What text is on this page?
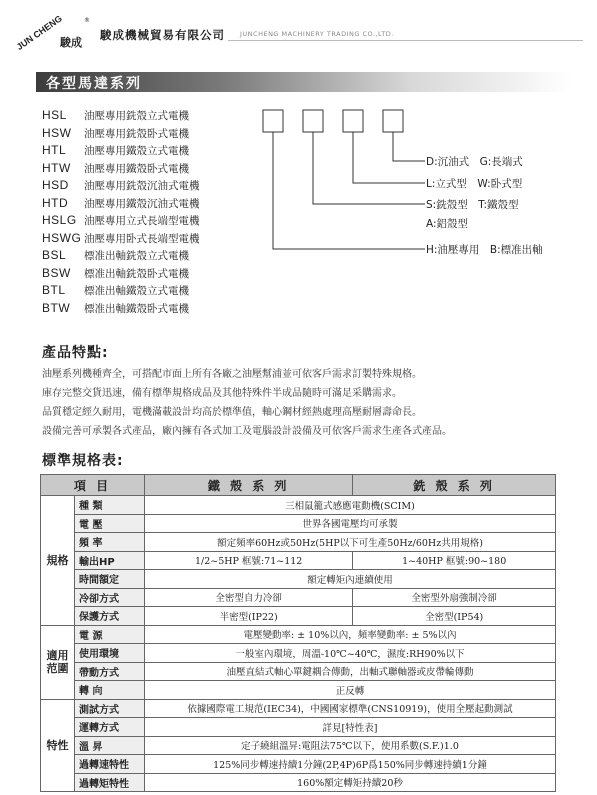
JUN CHENG	®
駿成
駿成機械貿易有限公司 JUNCHENG MACHINERY TRADING CO.,LTD.
各型馬達系列
HSL	油壓專用銑殼立式電機
HSW	油壓專用銑殼卧式電機
HTL	油壓專用鐵殼立式電機
HTW	油壓專用鐵殼卧式電機
HSD	油壓專用銑殼沉油式電機
HTD	油壓專用鐵殼沉油式電機
HSLG 油壓專用立式長端型電機
HSWG 油壓專用卧式長端型電機
BSL	標准出軸銑殼立式電機
BSW	標准出軸銑殼卧式電機
BTL	標准出軸鐵殼立式電機
BTW	標准出軸鐵殼卧式電機
D:沉油式　G:長端式
L:立式型　W:卧式型
S:銑殼型　T:鐵殼型
A:鋁殼型
H:油壓專用　B:標准出軸
產品特點:
油壓系列機種齊全，可搭配市面上所有各廠之油壓幫浦並可依客戶需求訂製特殊規格。
庫存完整交貨迅速，備有標準規格成品及其他特殊件半成品隨時可滿足采購需求。
品質穩定經久耐用，電機滿載設計均高於標準值，軸心鋼材經熱處理高壓耐層壽命長。
設備完善可承製各式產品，廠內擁有各式加工及電腦設計設備及可依客戶需求生產各式產品。
標準規格表:
項 目		鐵 殼 系 列	銑 殼 系 列
規格	種 類	三相鼠籠式感應電動機(SCIM)	
	電 壓	世界各國電壓均可承製	
	頻 率	額定頻率60Hz或50Hz(5HP以下可生產50Hz/60Hz共用規格)	
	輸出HP	1/2~5HP 框號:71~112	1~40HP 框號:90~180
	時間額定	額定轉矩內連續使用	
	冷卻方式	全密型自力冷卻	全密型外扇強制冷卻
	保護方式	半密型(IP22)	全密型(IP54)
適用范圍	電 源	電壓變動率: ± 10%以內，頻率變動率: ± 5%以內	
	使用環境	一般室內環境，周溫-10℃~40℃，濕度:RH90%以下	
	帶動方式	油壓直結式軸心單鍵耦合傳動，出軸式聯軸器或皮帶輪傳動	
	轉 向	正反轉	
特性	測試方式	依據國際電工規范(IEC34)，中國國家標準(CNS10919)，使用全壓起動測試	
	運轉方式	詳見[特性表]	
	溫 昇	定子繞組溫昇:電阻法75℃以下，使用系數(S.F.)1.0	
	過轉速特性	125%同步轉速持續1分鐘(2P,4P)6P爲150%同步轉速持續1分鐘	
	過轉矩特性	160%額定轉矩持續20秒	
